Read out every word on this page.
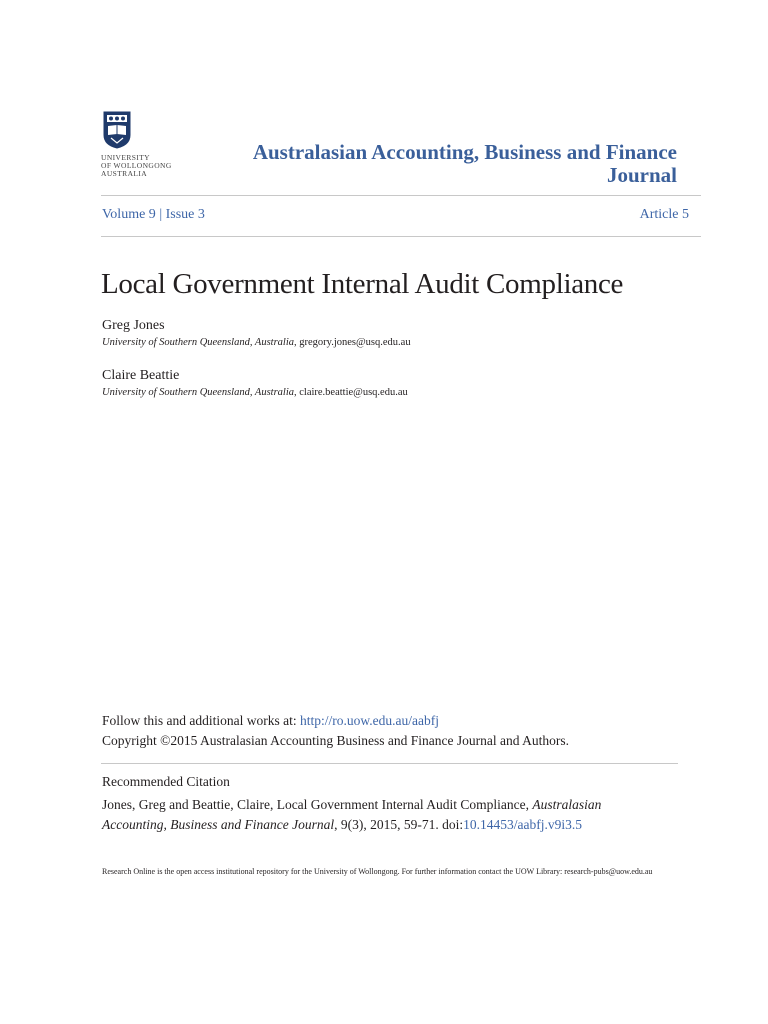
UNIVERSITY
OF WOLLONGONG
AUSTRALIA
Australasian Accounting, Business and Finance Journal
Volume 9 | Issue 3	Article 5
Local Government Internal Audit Compliance
Greg Jones
University of Southern Queensland, Australia, gregory.jones@usq.edu.au
Claire Beattie
University of Southern Queensland, Australia, claire.beattie@usq.edu.au
Follow this and additional works at: http://ro.uow.edu.au/aabfj
Copyright ©2015 Australasian Accounting Business and Finance Journal and Authors.
Recommended Citation
Jones, Greg and Beattie, Claire, Local Government Internal Audit Compliance, Australasian Accounting, Business and Finance Journal, 9(3), 2015, 59-71. doi:10.14453/aabfj.v9i3.5
Research Online is the open access institutional repository for the University of Wollongong. For further information contact the UOW Library: research-pubs@uow.edu.au
